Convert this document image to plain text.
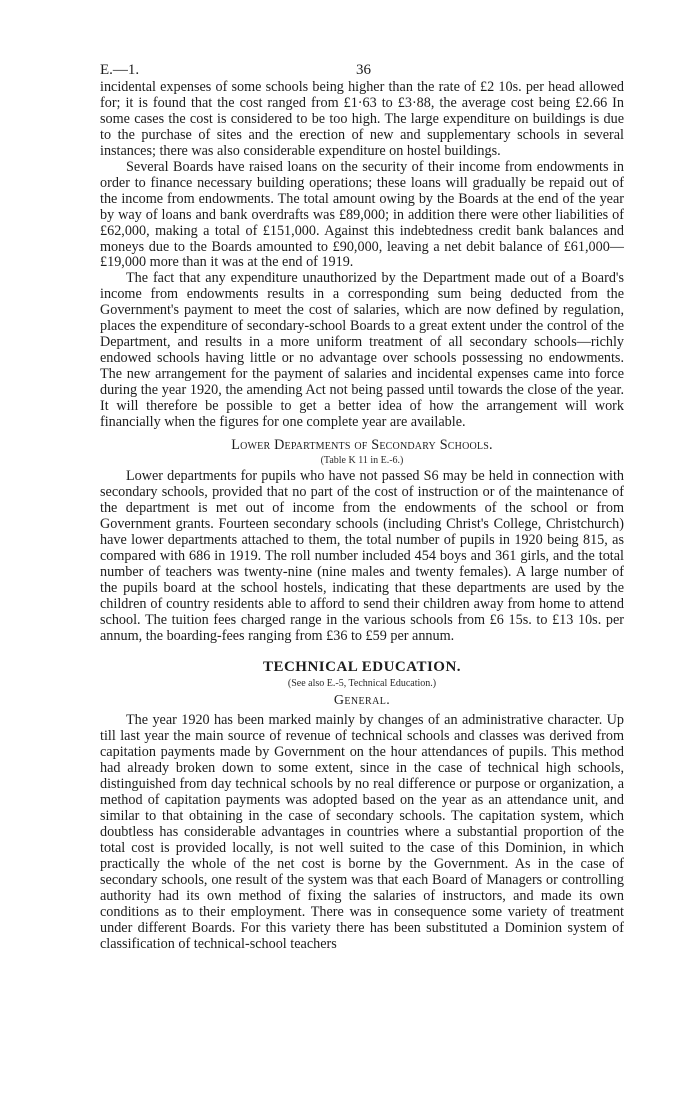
E.—1.	36

incidental expenses of some schools being higher than the rate of £2 10s. per head allowed for; it is found that the cost ranged from £1·63 to £3·88, the average cost being £2.66 In some cases the cost is considered to be too high. The large expenditure on buildings is due to the purchase of sites and the erection of new and supplementary schools in several instances; there was also considerable expenditure on hostel buildings.

Several Boards have raised loans on the security of their income from endowments in order to finance necessary building operations; these loans will gradually be repaid out of the income from endowments. The total amount owing by the Boards at the end of the year by way of loans and bank overdrafts was £89,000; in addition there were other liabilities of £62,000, making a total of £151,000. Against this indebtedness credit bank balances and moneys due to the Boards amounted to £90,000, leaving a net debit balance of £61,000—£19,000 more than it was at the end of 1919.

The fact that any expenditure unauthorized by the Department made out of a Board's income from endowments results in a corresponding sum being deducted from the Government's payment to meet the cost of salaries, which are now defined by regulation, places the expenditure of secondary-school Boards to a great extent under the control of the Department, and results in a more uniform treatment of all secondary schools—richly endowed schools having little or no advantage over schools possessing no endowments. The new arrangement for the payment of salaries and incidental expenses came into force during the year 1920, the amending Act not being passed until towards the close of the year. It will therefore be possible to get a better idea of how the arrangement will work financially when the figures for one complete year are available.

Lower Departments of Secondary Schools.
(Table K 11 in E.-6.)

Lower departments for pupils who have not passed S6 may be held in connection with secondary schools, provided that no part of the cost of instruction or of the maintenance of the department is met out of income from the endowments of the school or from Government grants. Fourteen secondary schools (including Christ's College, Christchurch) have lower departments attached to them, the total number of pupils in 1920 being 815, as compared with 686 in 1919. The roll number included 454 boys and 361 girls, and the total number of teachers was twenty-nine (nine males and twenty females). A large number of the pupils board at the school hostels, indicating that these departments are used by the children of country residents able to afford to send their children away from home to attend school. The tuition fees charged range in the various schools from £6 15s. to £13 10s. per annum, the boarding-fees ranging from £36 to £59 per annum.

TECHNICAL EDUCATION.
(See also E.-5, Technical Education.)
General.

The year 1920 has been marked mainly by changes of an administrative character. Up till last year the main source of revenue of technical schools and classes was derived from capitation payments made by Government on the hour attendances of pupils. This method had already broken down to some extent, since in the case of technical high schools, distinguished from day technical schools by no real difference or purpose or organization, a method of capitation payments was adopted based on the year as an attendance unit, and similar to that obtaining in the case of secondary schools. The capitation system, which doubtless has considerable advantages in countries where a substantial proportion of the total cost is provided locally, is not well suited to the case of this Dominion, in which practically the whole of the net cost is borne by the Government. As in the case of secondary schools, one result of the system was that each Board of Managers or controlling authority had its own method of fixing the salaries of instructors, and made its own conditions as to their employment. There was in consequence some variety of treatment under different Boards. For this variety there has been substituted a Dominion system of classification of technical-school teachers
